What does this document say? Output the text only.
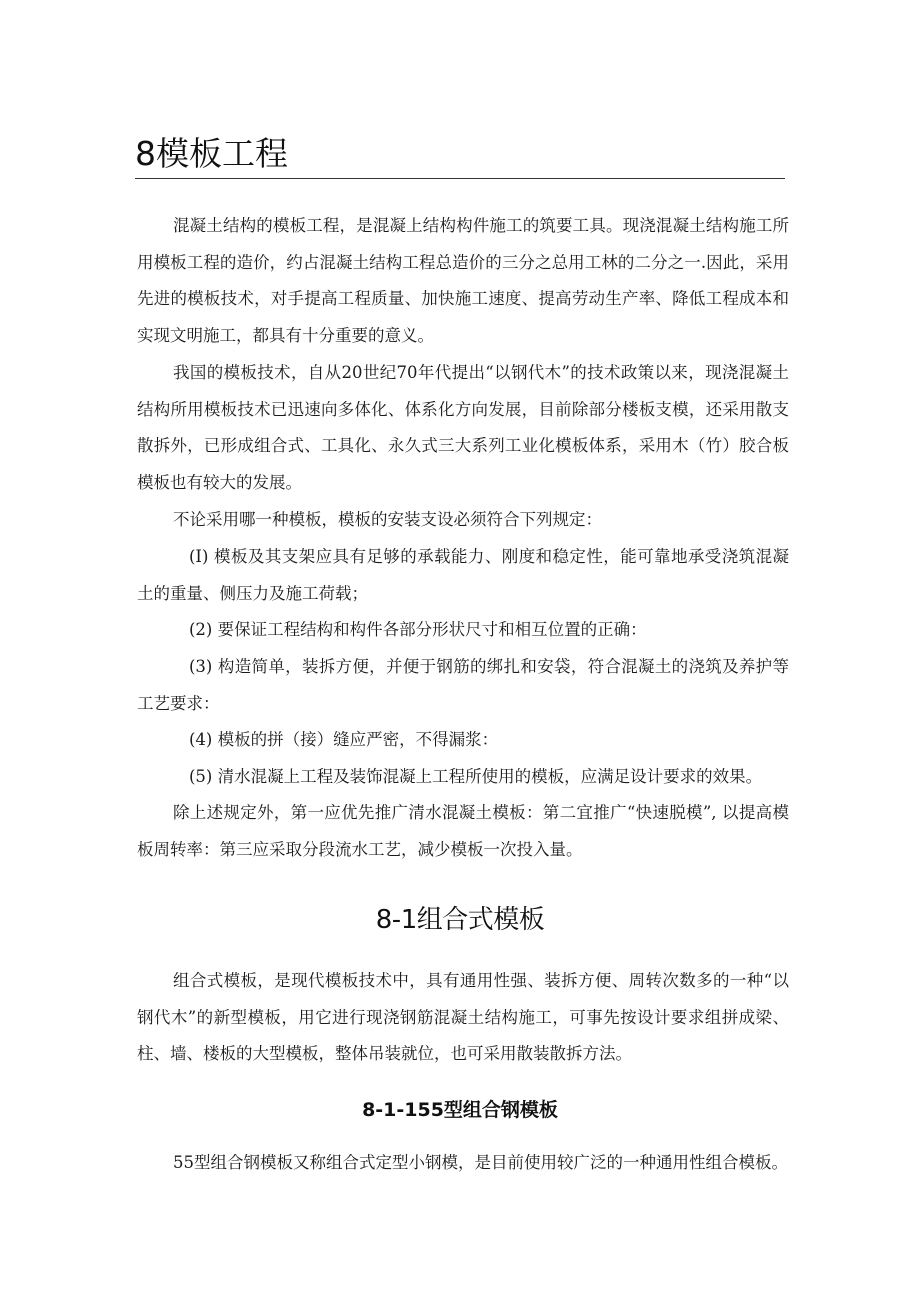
8模板工程

混凝土结构的模板工程，是混凝上结构构件施工的筑要工具。现浇混凝土结构施工所用模板工程的造价，约占混凝土结构工程总造价的三分之总用工林的二分之一.因此，采用先进的模板技术，对手提高工程质量、加快施工速度、提高劳动生产率、降低工程成本和实现文明施工，都具有十分重要的意义。

我国的模板技术，自从20世纪70年代提出“以钢代木”的技术政策以来，现浇混凝土结构所用模板技术已迅速向多体化、体系化方向发展，目前除部分楼板支模，还采用散支散拆外，已形成组合式、工具化、永久式三大系列工业化模板体系，采用木（竹）胶合板模板也有较大的发展。

不论采用哪一种模板，模板的安装支设必须符合下列规定：

(I) 模板及其支架应具有足够的承载能力、刚度和稳定性，能可靠地承受浇筑混凝土的重量、侧压力及施工荷载；

(2) 要保证工程结构和构件各部分形状尺寸和相互位置的正确：

(3) 构造简单，装拆方便，并便于钢筋的绑扎和安袋，符合混凝土的浇筑及养护等工艺要求：

(4) 模板的拼（接）缝应严密，不得漏浆：

(5) 清水混凝上工程及装饰混凝上工程所使用的模板，应满足设计要求的效果。

除上述规定外，第一应优先推广清水混凝土模板：第二宜推广“快速脱模”, 以提高模板周转率：第三应采取分段流水工艺，减少模板一次投入量。

8-1组合式模板

组合式模板，是现代模板技术中，具有通用性强、装拆方便、周转次数多的一种“以钢代木”的新型模板，用它进行现浇钢筋混凝土结构施工，可事先按设计要求组拼成梁、柱、墙、楼板的大型模板，整体吊装就位，也可采用散装散拆方法。

8-1-155型组合钢模板

55型组合钢模板又称组合式定型小钢模，是目前使用较广泛的一种通用性组合模板。
